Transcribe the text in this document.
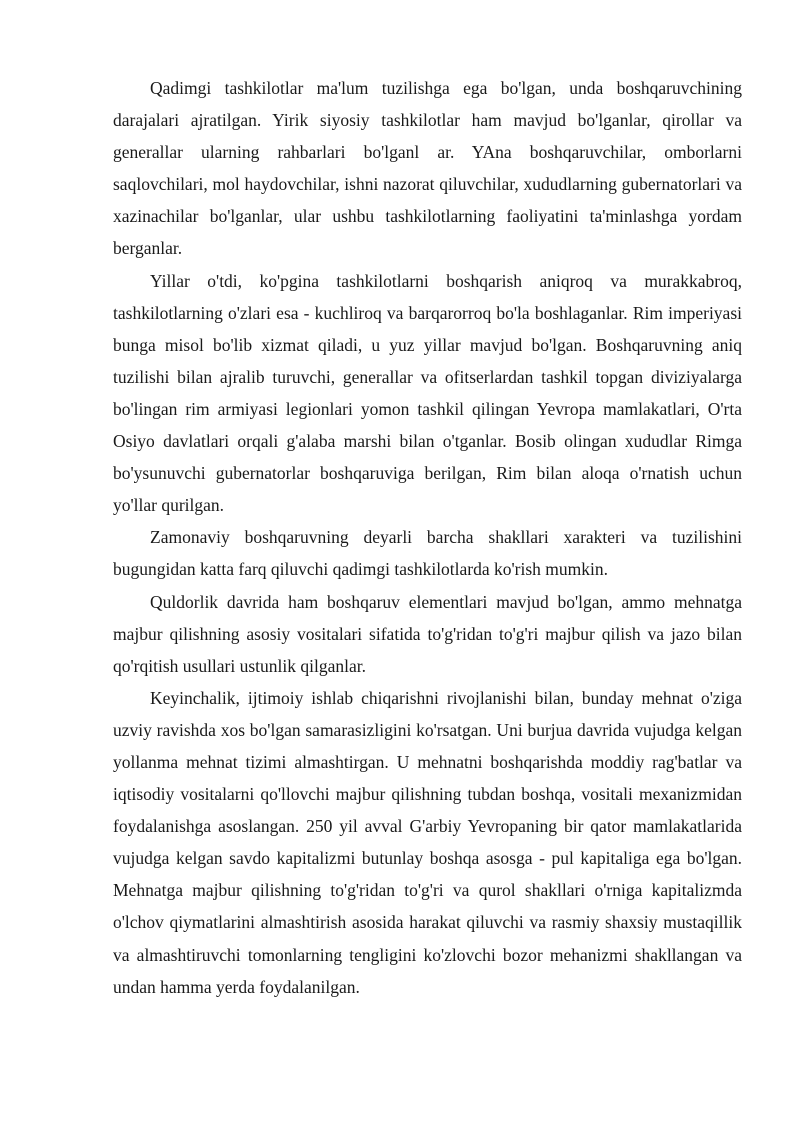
Qadimgi tashkilotlar ma'lum tuzilishga ega bo'lgan, unda boshqaruvchining darajalari ajratilgan. Yirik siyosiy tashkilotlar ham mavjud bo'lganlar, qirollar va generallar ularning rahbarlari bo'lganl ar. YAna boshqaruvchilar, omborlarni saqlovchilari, mol haydovchilar, ishni nazorat qiluvchilar, xududlarning gubernatorlari va xazinachilar bo'lganlar, ular ushbu tashkilotlarning faoliyatini ta'minlashga yordam berganlar.

Yillar o'tdi, ko'pgina tashkilotlarni boshqarish aniqroq va murakkabroq, tashkilotlarning o'zlari esa - kuchliroq va barqarorroq bo'la boshlaganlar. Rim imperiyasi bunga misol bo'lib xizmat qiladi, u yuz yillar mavjud bo'lgan. Boshqaruvning aniq tuzilishi bilan ajralib turuvchi, generallar va ofitserlardan tashkil topgan diviziyalarga bo'lingan rim armiyasi legionlari yomon tashkil qilingan Yevropa mamlakatlari, O'rta Osiyo davlatlari orqali g'alaba marshi bilan o'tganlar. Bosib olingan xududlar Rimga bo'ysunuvchi gubernatorlar boshqaruviga berilgan, Rim bilan aloqa o'rnatish uchun yo'llar qurilgan.

Zamonaviy boshqaruvning deyarli barcha shakllari xarakteri va tuzilishini bugungidan katta farq qiluvchi qadimgi tashkilotlarda ko'rish mumkin.

Quldorlik davrida ham boshqaruv elementlari mavjud bo'lgan, ammo mehnatga majbur qilishning asosiy vositalari sifatida to'g'ridan to'g'ri majbur qilish va jazo bilan qo'rqitish usullari ustunlik qilganlar.

Keyinchalik, ijtimoiy ishlab chiqarishni rivojlanishi bilan, bunday mehnat o'ziga uzviy ravishda xos bo'lgan samarasizligini ko'rsatgan. Uni burjua davrida vujudga kelgan yollanma mehnat tizimi almashtirgan. U mehnatni boshqarishda moddiy rag'batlar va iqtisodiy vositalarni qo'llovchi majbur qilishning tubdan boshqa, vositali mexanizmidan foydalanishga asoslangan. 250 yil avval G'arbiy Yevropaning bir qator mamlakatlarida vujudga kelgan savdo kapitalizmi butunlay boshqa asosga - pul kapitaliga ega bo'lgan. Mehnatga majbur qilishning to'g'ridan to'g'ri va qurol shakllari o'rniga kapitalizmda o'lchov qiymatlarini almashtirish asosida harakat qiluvchi va rasmiy shaxsiy mustaqillik va almashtiruvchi tomonlarning tengligini ko'zlovchi bozor mehanizmi shakllangan va undan hamma yerda foydalanilgan.
